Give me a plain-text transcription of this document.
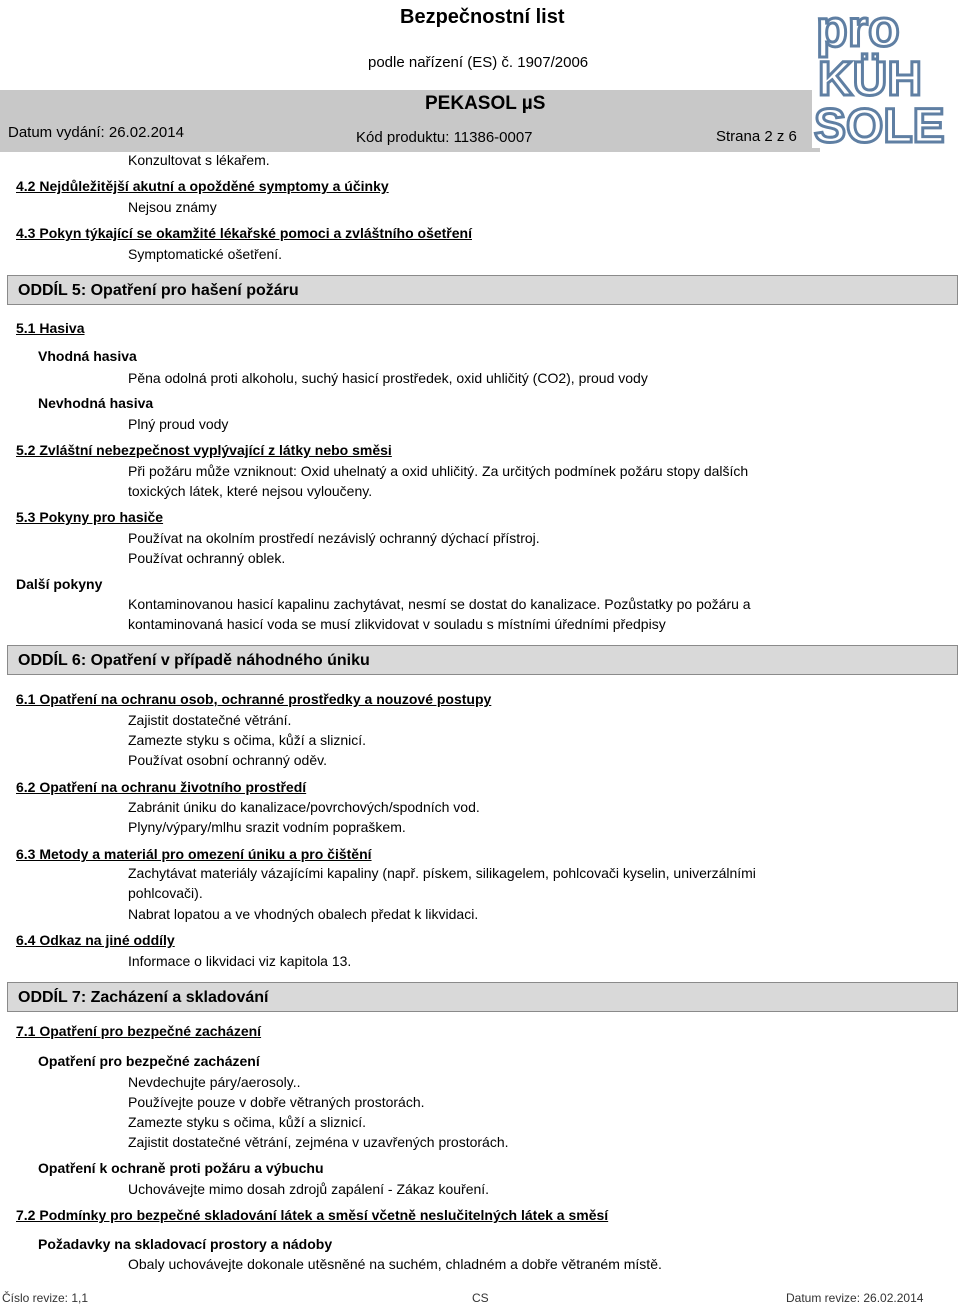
Bezpečnostní list
podle nařízení (ES) č. 1907/2006
PEKASOL µS
Datum vydání: 26.02.2014	Kód produktu: 11386-0007	Strana 2 z 6
pro
KÜH
SOLE
Konzultovat s lékařem.
4.2 Nejdůležitější akutní a opožděné symptomy a účinky
Nejsou známy
4.3 Pokyn týkající se okamžité lékařské pomoci a zvláštního ošetření
Symptomatické ošetření.
ODDÍL 5: Opatření pro hašení požáru
5.1 Hasiva
Vhodná hasiva
Pěna odolná proti alkoholu, suchý hasicí prostředek, oxid uhličitý (CO2), proud vody
Nevhodná hasiva
Plný proud vody
5.2 Zvláštní nebezpečnost vyplývající z látky nebo směsi
Při požáru může vzniknout: Oxid uhelnatý a oxid uhličitý. Za určitých podmínek požáru stopy dalších
toxických látek, které nejsou vyloučeny.
5.3 Pokyny pro hasiče
Používat na okolním prostředí nezávislý ochranný dýchací přístroj.
Používat ochranný oblek.
Další pokyny
Kontaminovanou hasicí kapalinu zachytávat, nesmí se dostat do kanalizace. Pozůstatky po požáru a
kontaminovaná hasicí voda se musí zlikvidovat v souladu s místními úředními předpisy
ODDÍL 6: Opatření v případě náhodného úniku
6.1 Opatření na ochranu osob, ochranné prostředky a nouzové postupy
Zajistit dostatečné větrání.
Zamezte styku s očima, kůží a sliznicí.
Používat osobní ochranný oděv.
6.2 Opatření na ochranu životního prostředí
Zabránit úniku do kanalizace/povrchových/spodních vod.
Plyny/výpary/mlhu srazit vodním popraškem.
6.3 Metody a materiál pro omezení úniku a pro čištění
Zachytávat materiály vázajícími kapaliny (např. pískem, silikagelem, pohlcovači kyselin, univerzálními
pohlcovači).
Nabrat lopatou a ve vhodných obalech předat k likvidaci.
6.4 Odkaz na jiné oddíly
Informace o likvidaci viz kapitola 13.
ODDÍL 7: Zacházení a skladování
7.1 Opatření pro bezpečné zacházení
Opatření pro bezpečné zacházení
Nevdechujte páry/aerosoly..
Používejte pouze v dobře větraných prostorách.
Zamezte styku s očima, kůží a sliznicí.
Zajistit dostatečné větrání, zejména v uzavřených prostorách.
Opatření k ochraně proti požáru a výbuchu
Uchovávejte mimo dosah zdrojů zapálení - Zákaz kouření.
7.2 Podmínky pro bezpečné skladování látek a směsí včetně neslučitelných látek a směsí
Požadavky na skladovací prostory a nádoby
Obaly uchovávejte dokonale utěsněné na suchém, chladném a dobře větraném místě.
Číslo revize: 1,1	CS	Datum revize: 26.02.2014
